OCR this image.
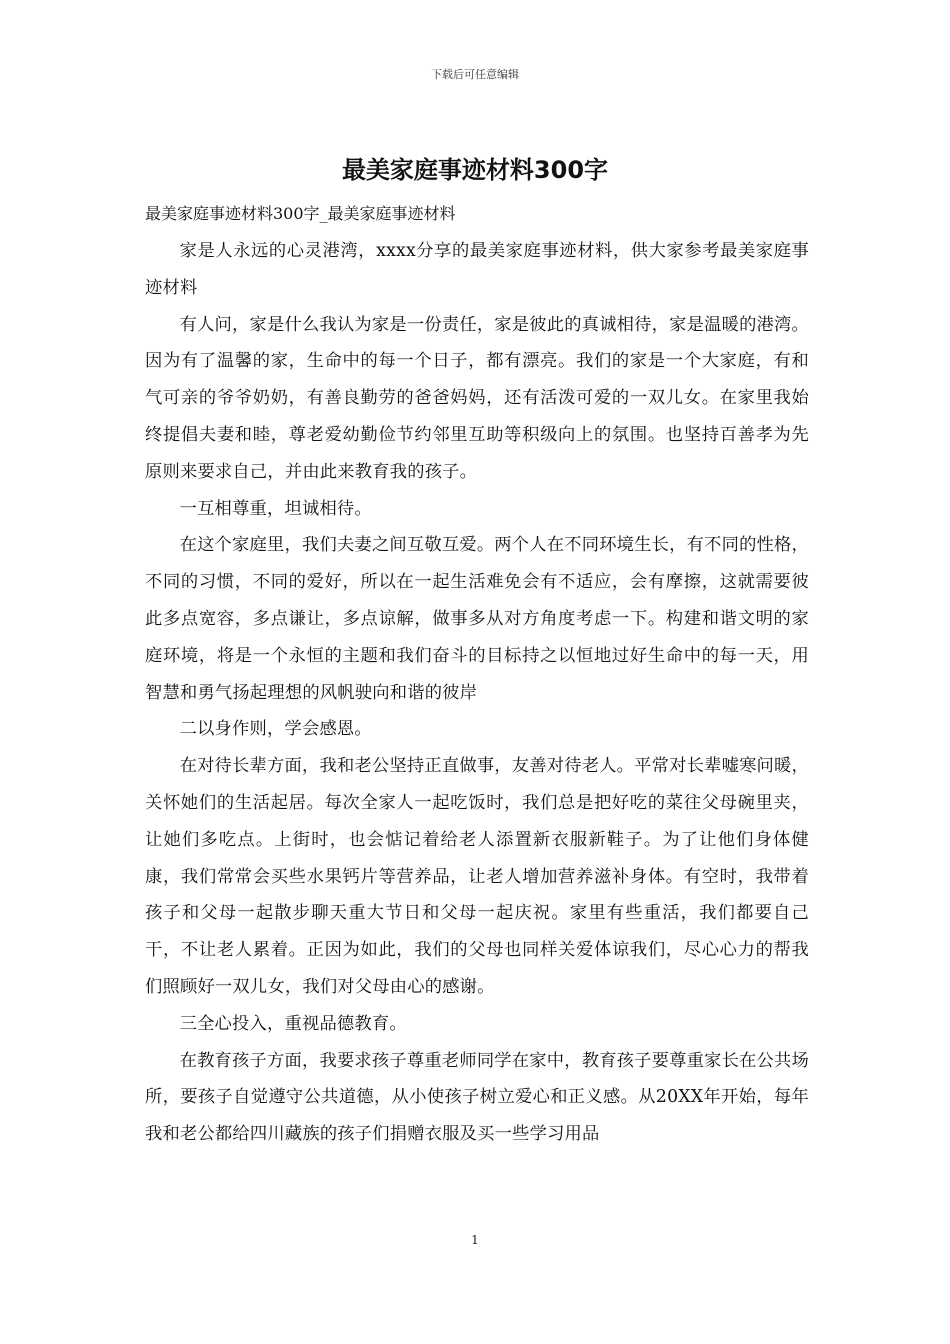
下载后可任意编辑
最美家庭事迹材料300字

最美家庭事迹材料300字_最美家庭事迹材料

家是人永远的心灵港湾，xxxx分享的最美家庭事迹材料，供大家参考最美家庭事迹材料

有人问，家是什么我认为家是一份责任，家是彼此的真诚相待，家是温暖的港湾。因为有了温馨的家，生命中的每一个日子，都有漂亮。我们的家是一个大家庭，有和气可亲的爷爷奶奶，有善良勤劳的爸爸妈妈，还有活泼可爱的一双儿女。在家里我始终提倡夫妻和睦，尊老爱幼勤俭节约邻里互助等积级向上的氛围。也坚持百善孝为先原则来要求自己，并由此来教育我的孩子。

一互相尊重，坦诚相待。

在这个家庭里，我们夫妻之间互敬互爱。两个人在不同环境生长，有不同的性格，不同的习惯，不同的爱好，所以在一起生活难免会有不适应，会有摩擦，这就需要彼此多点宽容，多点谦让，多点谅解，做事多从对方角度考虑一下。构建和谐文明的家庭环境，将是一个永恒的主题和我们奋斗的目标持之以恒地过好生命中的每一天，用智慧和勇气扬起理想的风帆驶向和谐的彼岸

二以身作则，学会感恩。

在对待长辈方面，我和老公坚持正直做事，友善对待老人。平常对长辈嘘寒问暖，关怀她们的生活起居。每次全家人一起吃饭时，我们总是把好吃的菜往父母碗里夹，让她们多吃点。上街时，也会惦记着给老人添置新衣服新鞋子。为了让他们身体健康，我们常常会买些水果钙片等营养品，让老人增加营养滋补身体。有空时，我带着孩子和父母一起散步聊天重大节日和父母一起庆祝。家里有些重活，我们都要自己干，不让老人累着。正因为如此，我们的父母也同样关爱体谅我们，尽心心力的帮我们照顾好一双儿女，我们对父母由心的感谢。

三全心投入，重视品德教育。

在教育孩子方面，我要求孩子尊重老师同学在家中，教育孩子要尊重家长在公共场所，要孩子自觉遵守公共道德，从小使孩子树立爱心和正义感。从20XX年开始，每年我和老公都给四川藏族的孩子们捐赠衣服及买一些学习用品

1
